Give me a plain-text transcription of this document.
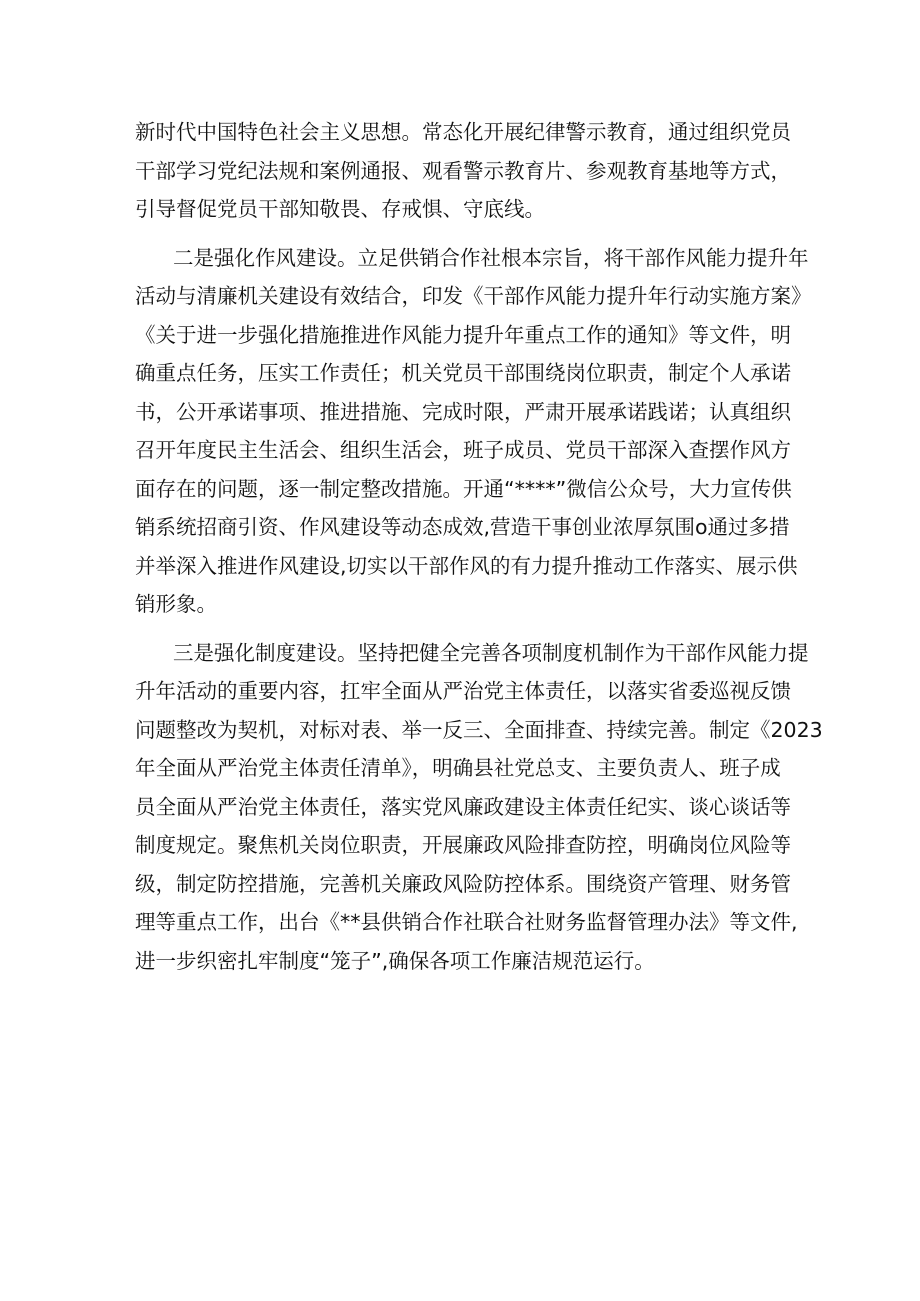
新时代中国特色社会主义思想。常态化开展纪律警示教育，通过组织党员
干部学习党纪法规和案例通报、观看警示教育片、参观教育基地等方式，
引导督促党员干部知敬畏、存戒惧、守底线。
二是强化作风建设。立足供销合作社根本宗旨，将干部作风能力提升年
活动与清廉机关建设有效结合，印发《干部作风能力提升年行动实施方案》
《关于进一步强化措施推进作风能力提升年重点工作的通知》等文件，明
确重点任务，压实工作责任；机关党员干部围绕岗位职责，制定个人承诺
书，公开承诺事项、推进措施、完成时限，严肃开展承诺践诺；认真组织
召开年度民主生活会、组织生活会，班子成员、党员干部深入查摆作风方
面存在的问题，逐一制定整改措施。开通“****”微信公众号，大力宣传供
销系统招商引资、作风建设等动态成效,营造干事创业浓厚氛围o通过多措
并举深入推进作风建设,切实以干部作风的有力提升推动工作落实、展示供
销形象。
三是强化制度建设。坚持把健全完善各项制度机制作为干部作风能力提
升年活动的重要内容，扛牢全面从严治党主体责任，以落实省委巡视反馈
问题整改为契机，对标对表、举一反三、全面排查、持续完善。制定《2023
年全面从严治党主体责任清单》，明确县社党总支、主要负责人、班子成
员全面从严治党主体责任，落实党风廉政建设主体责任纪实、谈心谈话等
制度规定。聚焦机关岗位职责，开展廉政风险排查防控，明确岗位风险等
级，制定防控措施，完善机关廉政风险防控体系。围绕资产管理、财务管
理等重点工作，出台《**县供销合作社联合社财务监督管理办法》等文件,
进一步织密扎牢制度“笼子”,确保各项工作廉洁规范运行。
